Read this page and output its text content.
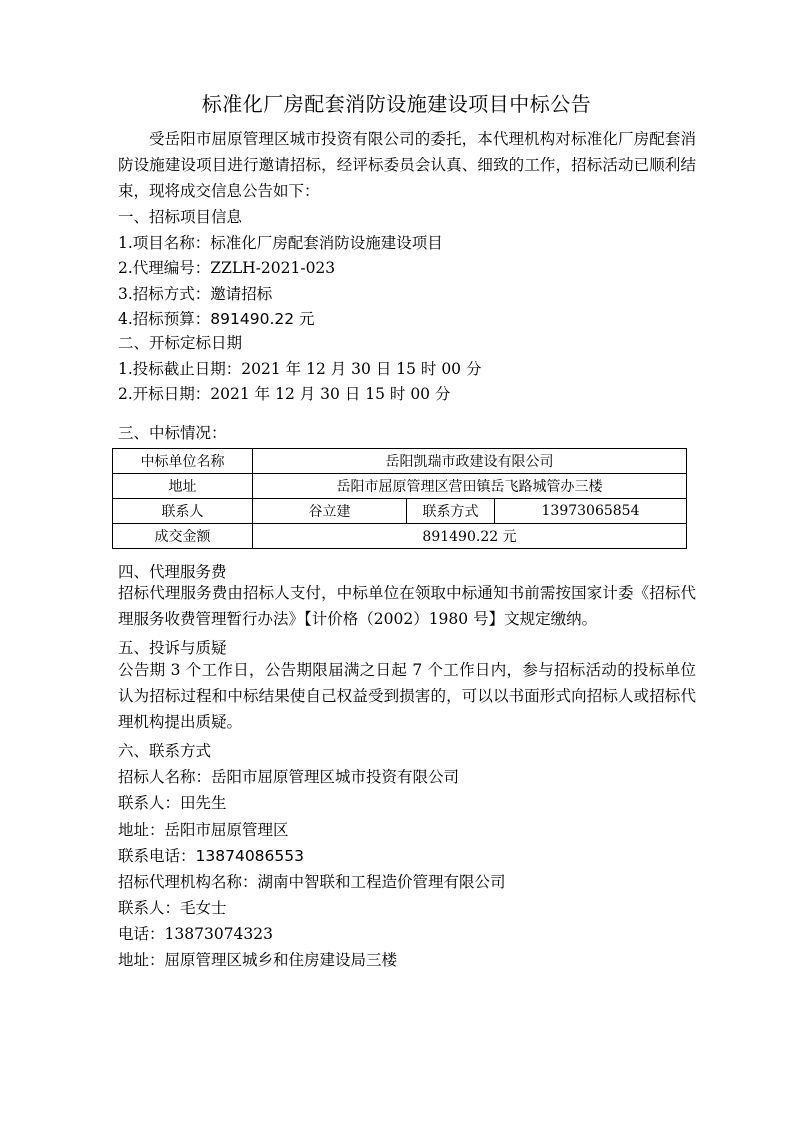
标准化厂房配套消防设施建设项目中标公告
受岳阳市屈原管理区城市投资有限公司的委托，本代理机构对标准化厂房配套消防设施建设项目进行邀请招标，经评标委员会认真、细致的工作，招标活动已顺利结束，现将成交信息公告如下：
一、招标项目信息
1.项目名称：标准化厂房配套消防设施建设项目
2.代理编号：ZZLH-2021-023
3.招标方式：邀请招标
4.招标预算：891490.22 元
二、开标定标日期
1.投标截止日期：2021 年 12 月 30 日 15 时 00 分
2.开标日期：2021 年 12 月 30 日 15 时 00 分
三、中标情况：
中标单位名称	岳阳凯瑞市政建设有限公司		
地址	岳阳市屈原管理区营田镇岳飞路城管办三楼		
联系人	谷立建	联系方式	13973065854
成交金额	891490.22 元		
四、代理服务费
招标代理服务费由招标人支付，中标单位在领取中标通知书前需按国家计委《招标代理服务收费管理暂行办法》【计价格（2002）1980 号】文规定缴纳。
五、投诉与质疑
公告期 3 个工作日，公告期限届满之日起 7 个工作日内，参与招标活动的投标单位认为招标过程和中标结果使自己权益受到损害的，可以以书面形式向招标人或招标代理机构提出质疑。
六、联系方式
招标人名称：岳阳市屈原管理区城市投资有限公司
联系人：田先生
地址：岳阳市屈原管理区
联系电话：13874086553
招标代理机构名称：湖南中智联和工程造价管理有限公司
联系人：毛女士
电话：13873074323
地址：屈原管理区城乡和住房建设局三楼
